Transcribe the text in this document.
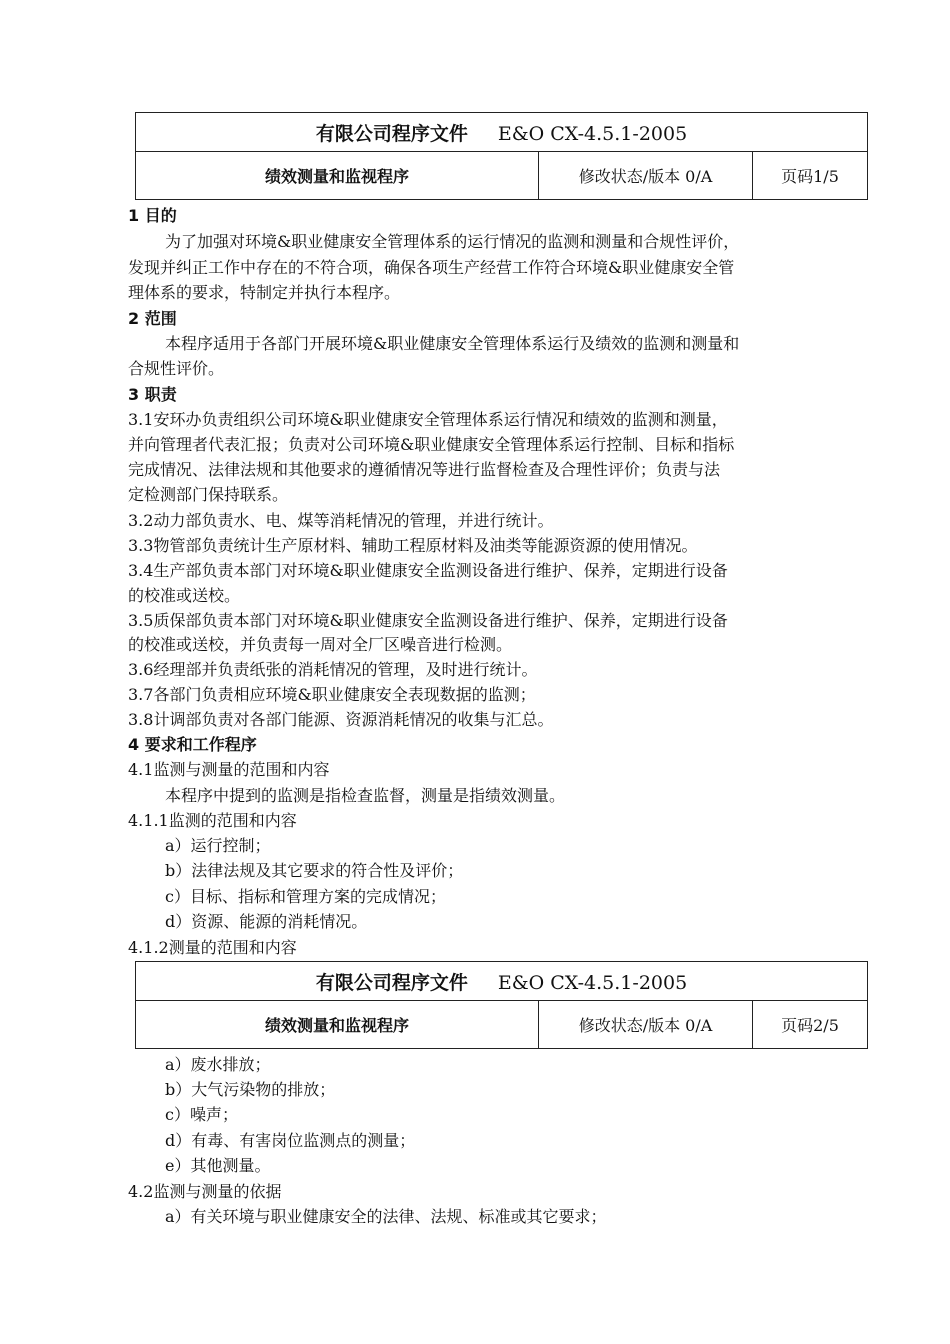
有限公司程序文件 E&O CX-4.5.1-2005
绩效测量和监视程序	修改状态/版本 0/A	页码1/5
1 目的
为了加强对环境&职业健康安全管理体系的运行情况的监测和测量和合规性评价，
发现并纠正工作中存在的不符合项，确保各项生产经营工作符合环境&职业健康安全管
理体系的要求，特制定并执行本程序。
2 范围
本程序适用于各部门开展环境&职业健康安全管理体系运行及绩效的监测和测量和
合规性评价。
3 职责
3.1安环办负责组织公司环境&职业健康安全管理体系运行情况和绩效的监测和测量，
并向管理者代表汇报；负责对公司环境&职业健康安全管理体系运行控制、目标和指标
完成情况、法律法规和其他要求的遵循情况等进行监督检查及合理性评价；负责与法
定检测部门保持联系。
3.2动力部负责水、电、煤等消耗情况的管理，并进行统计。
3.3物管部负责统计生产原材料、辅助工程原材料及油类等能源资源的使用情况。
3.4生产部负责本部门对环境&职业健康安全监测设备进行维护、保养，定期进行设备
的校准或送校。
3.5质保部负责本部门对环境&职业健康安全监测设备进行维护、保养，定期进行设备
的校准或送校，并负责每一周对全厂区噪音进行检测。
3.6经理部并负责纸张的消耗情况的管理，及时进行统计。
3.7各部门负责相应环境&职业健康安全表现数据的监测；
3.8计调部负责对各部门能源、资源消耗情况的收集与汇总。
4 要求和工作程序
4.1监测与测量的范围和内容
本程序中提到的监测是指检查监督，测量是指绩效测量。
4.1.1监测的范围和内容
a）运行控制；
b）法律法规及其它要求的符合性及评价；
c）目标、指标和管理方案的完成情况；
d）资源、能源的消耗情况。
4.1.2测量的范围和内容
有限公司程序文件 E&O CX-4.5.1-2005
绩效测量和监视程序	修改状态/版本 0/A	页码2/5
a）废水排放；
b）大气污染物的排放；
c）噪声；
d）有毒、有害岗位监测点的测量；
e）其他测量。
4.2监测与测量的依据
a）有关环境与职业健康安全的法律、法规、标准或其它要求；
